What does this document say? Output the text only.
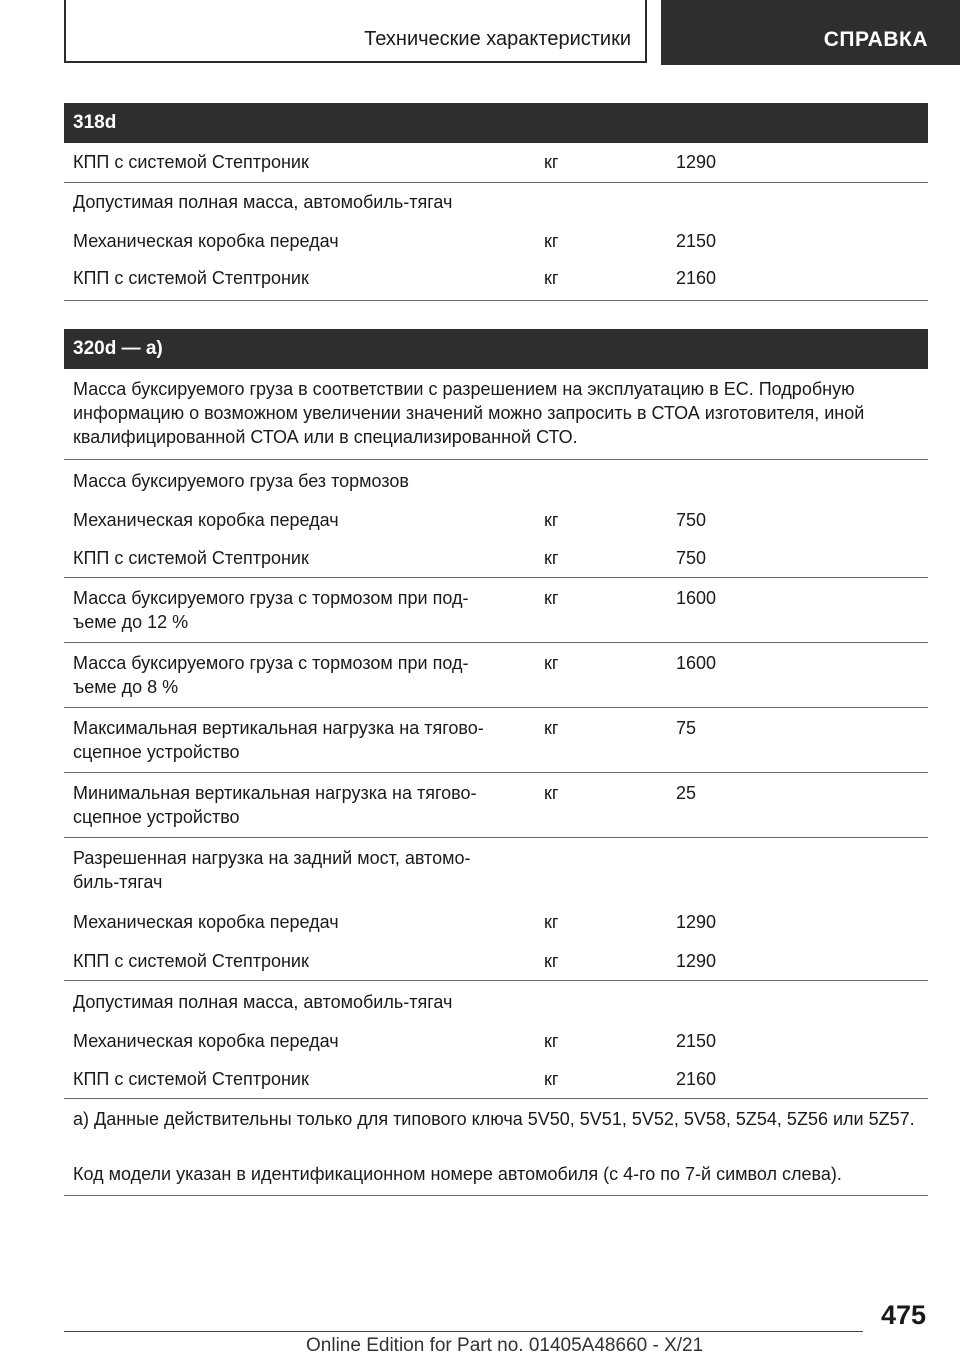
Технические характеристики	СПРАВКА
318d
КПП с системой Стептроник	кг	1290
Допустимая полная масса, автомобиль-тягач
Механическая коробка передач	кг	2150
КПП с системой Стептроник	кг	2160
320d — a)
Масса буксируемого груза в соответствии с разрешением на эксплуатацию в ЕС. Подробную информацию о возможном увеличении значений можно запросить в СТОА изготовителя, иной квалифицированной СТОА или в специализированной СТО.
Масса буксируемого груза без тормозов
Механическая коробка передач	кг	750
КПП с системой Стептроник	кг	750
Масса буксируемого груза с тормозом при под-
ъеме до 12 %
кг	1600
Масса буксируемого груза с тормозом при под-
ъеме до 8 %
кг	1600
Максимальная вертикальная нагрузка на тягово-
сцепное устройство
кг	75
Минимальная вертикальная нагрузка на тягово-
сцепное устройство
кг	25
Разрешенная нагрузка на задний мост, автомо-
биль-тягач
Механическая коробка передач	кг	1290
КПП с системой Стептроник	кг	1290
Допустимая полная масса, автомобиль-тягач
Механическая коробка передач	кг	2150
КПП с системой Стептроник	кг	2160
a) Данные действительны только для типового ключа 5V50, 5V51, 5V52, 5V58, 5Z54, 5Z56 или 5Z57.
Код модели указан в идентификационном номере автомобиля (с 4-го по 7-й символ слева).
475
Online Edition for Part no. 01405A48660 - X/21
